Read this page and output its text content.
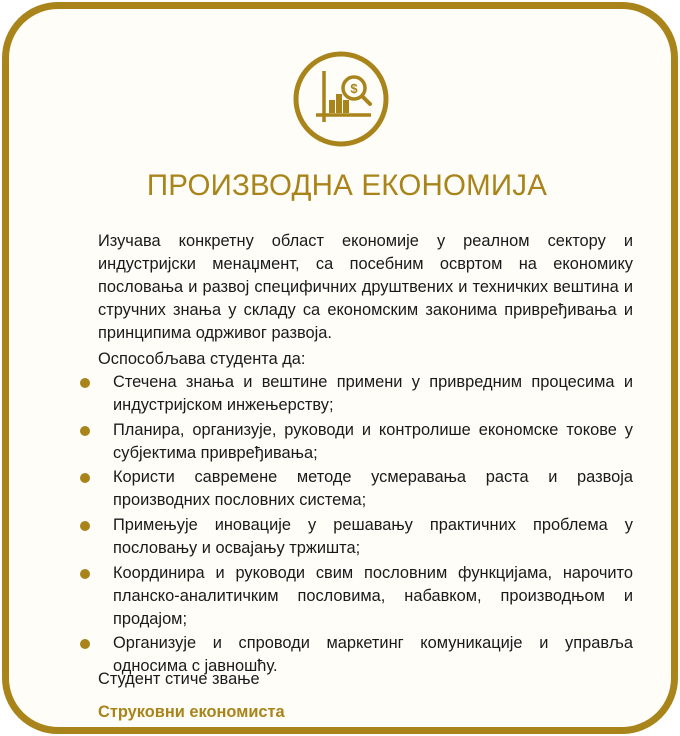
$
ПРОИЗВОДНА ЕКОНОМИЈА

Изучава конкретну област економије у реалном сектору и индустријски менаџмент, са посебним освртом на економику пословања и развој специфичних друштвених и техничких вештина и стручних знања у складу са економским законима привређивања и принципима одрживог развоја.

Оспособљава студента да:

Стечена знања и вештине примени у привредним процесима и индустријском инжењерству;
Планира, организује, руководи и контролише економске токове у субјектима привређивања;
Користи савремене методе усмеравања раста и развоја производних пословних система;
Примењује иновације у решавању практичних проблема у пословању и освајању тржишта;
Координира и руководи свим пословним функцијама, нарочито планско-аналитичким пословима, набавком, производњом и продајом;
Организује и спроводи маркетинг комуникације и управља односима с јавношћу.

Студент стиче звање

Струковни економиста
